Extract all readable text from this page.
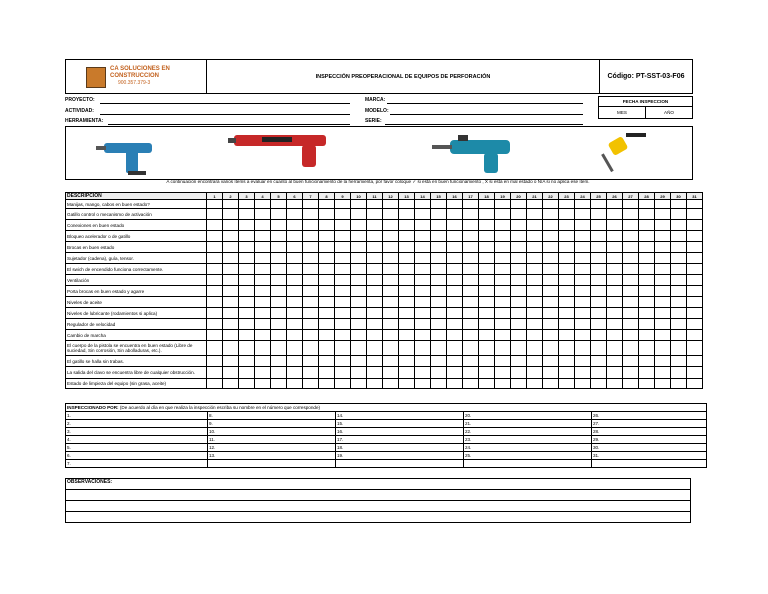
CA SOLUCIONES EN
CONSTRUCCION
900.357.379-3
INSPECCIÓN PREOPERACIONAL DE EQUIPOS DE PERFORACIÓN	Código: PT-SST-03-F06
PROYECTO:
ACTIVIDAD:
HERRAMIENTA:
MARCA:
MODELO:
SERIE:
FECHA INSPECCION
MES	AÑO
A continuación encontrará varios ítems a evaluar en cuanto al buen funcionamiento de la herramienta, por favor coloque ✓ si está en buen funcionamiento , X si está en mal estado o N/A si no aplica ese ítem.
DESCRIPCION	1	2	3	4	5	6	7	8	9	10	11	12	13	14	15	16	17	18	19	20	21	22	23	24	25	26	27	28	29	30	31
Manijas, mango, cabos en buen estado?																															
Gatillo control o mecanismo de activación																															
Conexiones en buen estado																															
Bloqueo acelerador o de gatillo																															
Brocas en buen estado																															
Sujetador (cadena), guía, tensor.																															
El swich de encendido funciona correctamente.																															
Ventilación																															
Porta brocas en buen estado y agarre																															
Niveles de aceite																															
Niveles de lubricante (rodamientos si aplica)																															
Regulador de velocidad																															
Cambio de marcha																															
El cuerpo de la pistola se encuentra en buen estado (Libre de suciedad, Sin corrosión, Sin abolladuras, etc.).																															
El gatillo se halla sin trabas.																															
La salida del clavo se encuentra libre de cualquier obstrucción.																															
Estado de limpieza del equipo (sin grasa, aceite)																															
INSPECCIONADO POR: (De acuerdo al día en que realiza la inspección escriba su nombre en el número que corresponde)				
1.	8.	14.	20.	26.
2.	9.	15.	21.	27.
3.	10.	16.	22.	28.
4.	11.	17.	23.	29.
5.	12.	18.	24.	30.
6.	13.	19.	25.	31.
7.				
OBSERVACIONES:
